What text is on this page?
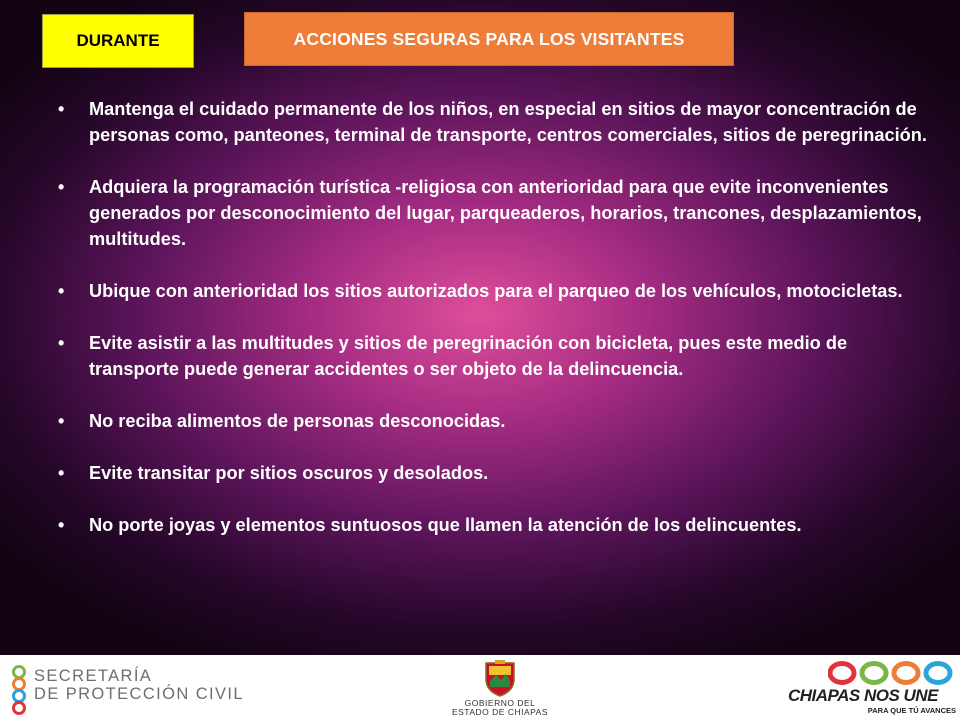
DURANTE	ACCIONES SEGURAS PARA LOS VISITANTES
• Mantenga el cuidado permanente de los niños, en especial en sitios de mayor concentración de personas como, panteones, terminal de transporte, centros comerciales, sitios de peregrinación.
• Adquiera la programación turística -religiosa con anterioridad para que evite inconvenientes generados por desconocimiento del lugar, parqueaderos, horarios, trancones, desplazamientos, multitudes.
• Ubique con anterioridad los sitios autorizados para el parqueo de los vehículos, motocicletas.
• Evite asistir a las multitudes y sitios de peregrinación con bicicleta, pues este medio de transporte puede generar accidentes o ser objeto de la delincuencia.
• No reciba alimentos de personas desconocidas.
• Evite transitar por sitios oscuros y desolados.
• No porte joyas y elementos suntuosos que llamen la atención de los delincuentes.
SECRETARÍA
DE PROTECCIÓN CIVIL	GOBIERNO DEL
ESTADO DE CHIAPAS
CHIAPAS NOS UNE
PARA QUE TÚ AVANCES
